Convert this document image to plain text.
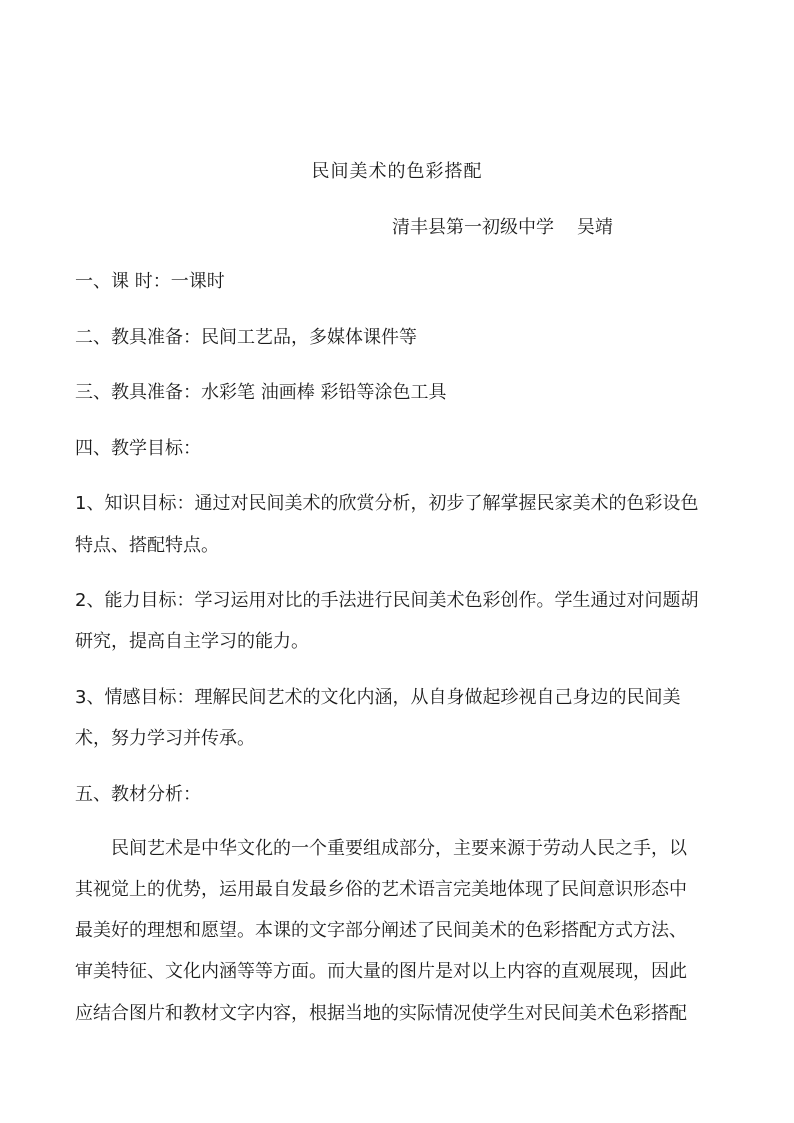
民间美术的色彩搭配
清丰县第一初级中学    吴靖
一、课 时：一课时
二、教具准备：民间工艺品，多媒体课件等
三、教具准备：水彩笔 油画棒 彩铅等涂色工具
四、教学目标：
1、知识目标：通过对民间美术的欣赏分析，初步了解掌握民家美术的色彩设色
特点、搭配特点。
2、能力目标：学习运用对比的手法进行民间美术色彩创作。学生通过对问题胡
研究，提高自主学习的能力。
3、情感目标：理解民间艺术的文化内涵，从自身做起珍视自己身边的民间美
术，努力学习并传承。
五、教材分析：
民间艺术是中华文化的一个重要组成部分，主要来源于劳动人民之手，以
其视觉上的优势，运用最自发最乡俗的艺术语言完美地体现了民间意识形态中
最美好的理想和愿望。本课的文字部分阐述了民间美术的色彩搭配方式方法、
审美特征、文化内涵等等方面。而大量的图片是对以上内容的直观展现，因此
应结合图片和教材文字内容，根据当地的实际情况使学生对民间美术色彩搭配
